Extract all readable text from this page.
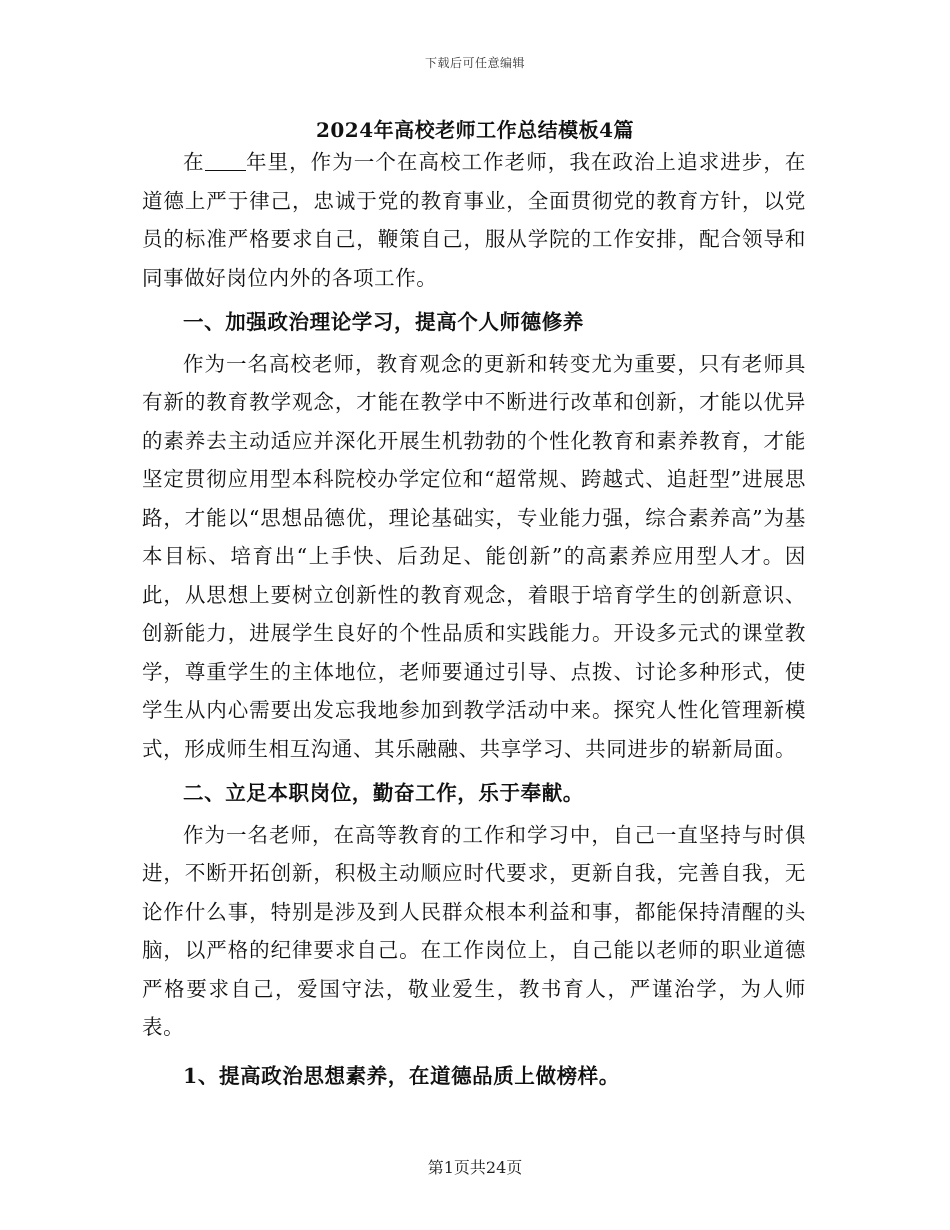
下载后可任意编辑
2024年高校老师工作总结模板4篇

在 年里，作为一个在高校工作老师，我在政治上追求进步，在道德上严于律己，忠诚于党的教育事业，全面贯彻党的教育方针，以党员的标准严格要求自己，鞭策自己，服从学院的工作安排，配合领导和同事做好岗位内外的各项工作。

一、加强政治理论学习，提高个人师德修养

作为一名高校老师，教育观念的更新和转变尤为重要，只有老师具有新的教育教学观念，才能在教学中不断进行改革和创新，才能以优异的素养去主动适应并深化开展生机勃勃的个性化教育和素养教育，才能坚定贯彻应用型本科院校办学定位和“超常规、跨越式、追赶型”进展思路，才能以“思想品德优，理论基础实，专业能力强，综合素养高”为基本目标、培育出“上手快、后劲足、能创新”的高素养应用型人才。因此，从思想上要树立创新性的教育观念，着眼于培育学生的创新意识、创新能力，进展学生良好的个性品质和实践能力。开设多元式的课堂教学，尊重学生的主体地位，老师要通过引导、点拨、讨论多种形式，使学生从内心需要出发忘我地参加到教学活动中来。探究人性化管理新模式，形成师生相互沟通、其乐融融、共享学习、共同进步的崭新局面。

二、立足本职岗位，勤奋工作，乐于奉献。

作为一名老师，在高等教育的工作和学习中，自己一直坚持与时俱进，不断开拓创新，积极主动顺应时代要求，更新自我，完善自我，无论作什么事，特别是涉及到人民群众根本利益和事，都能保持清醒的头脑，以严格的纪律要求自己。在工作岗位上，自己能以老师的职业道德严格要求自己，爱国守法，敬业爱生，教书育人，严谨治学，为人师表。

1、提高政治思想素养，在道德品质上做榜样。

第1页共24页
